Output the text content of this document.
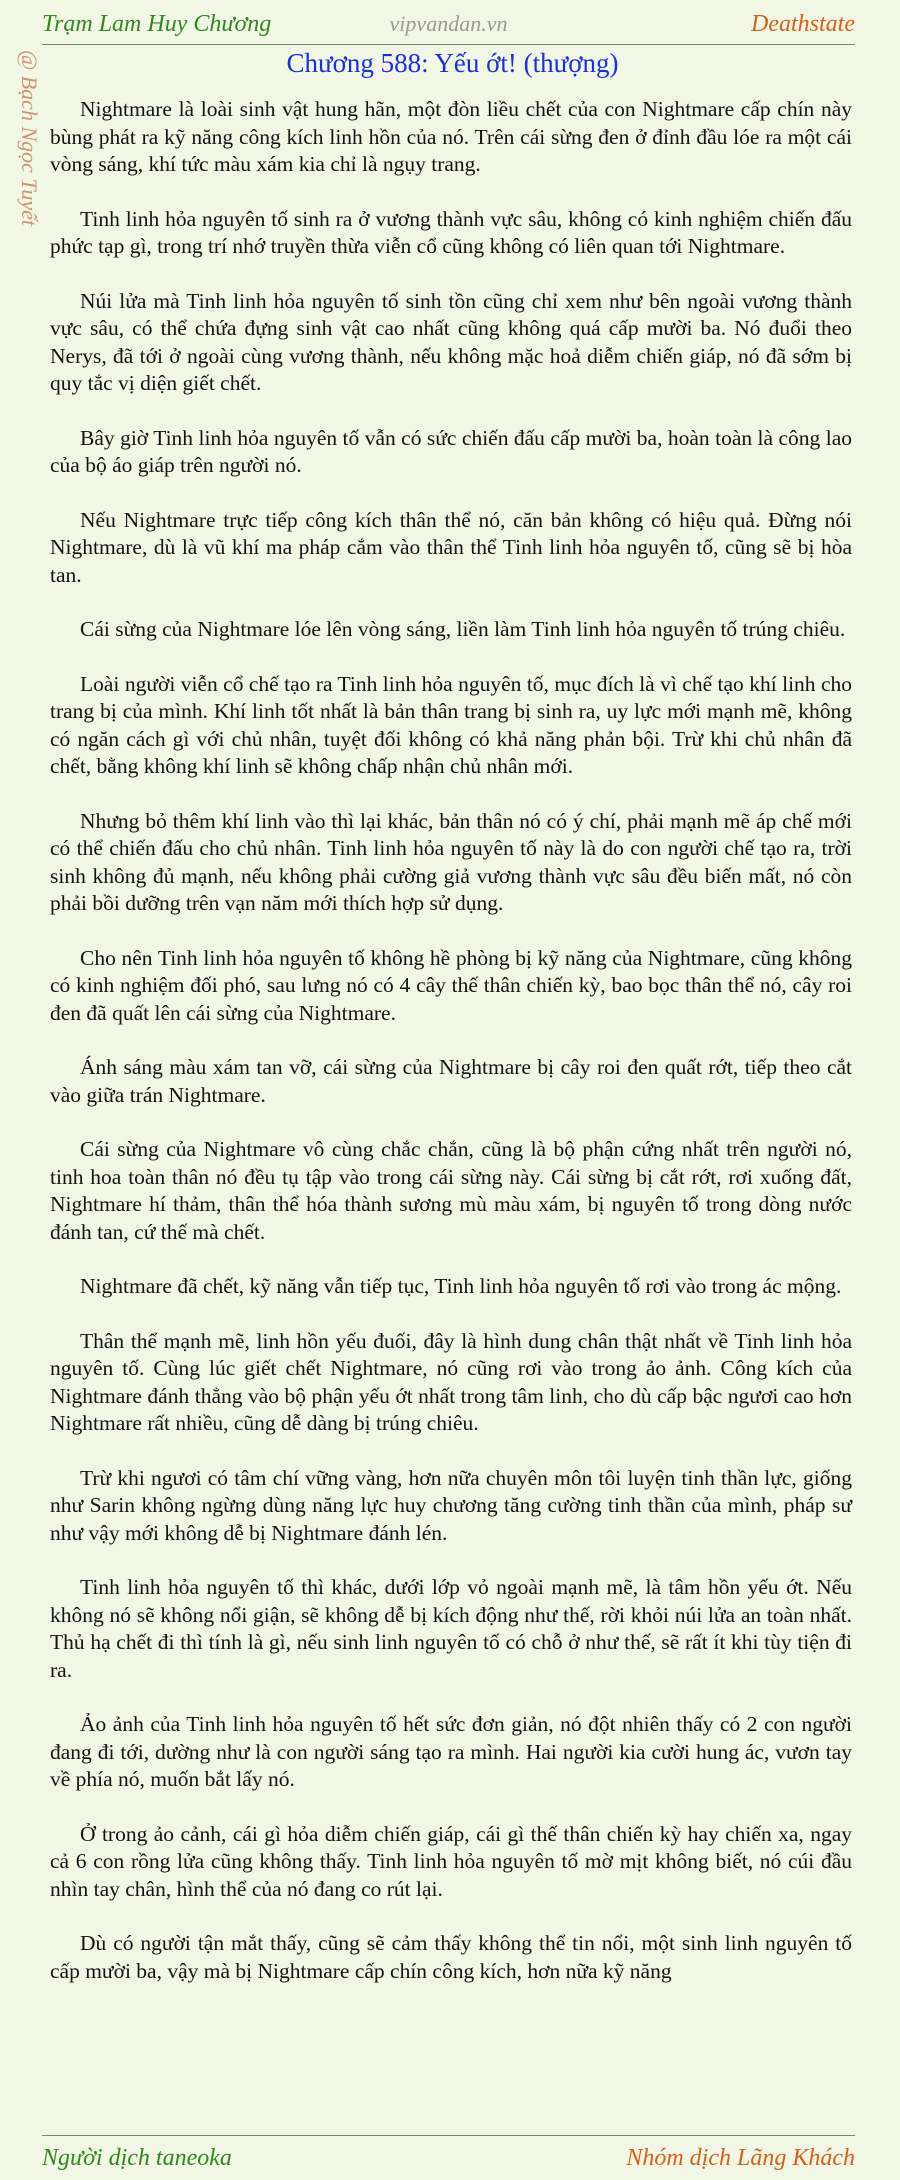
Trạm Lam Huy Chương	vipvandan.vn	Deathstate
@ Bạch Ngọc Tuyết	Chương 588: Yếu ớt! (thượng)

Nightmare là loài sinh vật hung hãn, một đòn liều chết của con Nightmare cấp chín này bùng phát ra kỹ năng công kích linh hồn của nó. Trên cái sừng đen ở đỉnh đầu lóe ra một cái vòng sáng, khí tức màu xám kia chỉ là ngụy trang.

Tinh linh hỏa nguyên tố sinh ra ở vương thành vực sâu, không có kinh nghiệm chiến đấu phức tạp gì, trong trí nhớ truyền thừa viễn cổ cũng không có liên quan tới Nightmare.

Núi lửa mà Tinh linh hỏa nguyên tố sinh tồn cũng chỉ xem như bên ngoài vương thành vực sâu, có thể chứa đựng sinh vật cao nhất cũng không quá cấp mười ba. Nó đuổi theo Nerys, đã tới ở ngoài cùng vương thành, nếu không mặc hoả diễm chiến giáp, nó đã sớm bị quy tắc vị diện giết chết.

Bây giờ Tinh linh hỏa nguyên tố vẫn có sức chiến đấu cấp mười ba, hoàn toàn là công lao của bộ áo giáp trên người nó.

Nếu Nightmare trực tiếp công kích thân thể nó, căn bản không có hiệu quả. Đừng nói Nightmare, dù là vũ khí ma pháp cắm vào thân thể Tinh linh hỏa nguyên tố, cũng sẽ bị hòa tan.

Cái sừng của Nightmare lóe lên vòng sáng, liền làm Tinh linh hỏa nguyên tố trúng chiêu.

Loài người viễn cổ chế tạo ra Tinh linh hỏa nguyên tố, mục đích là vì chế tạo khí linh cho trang bị của mình. Khí linh tốt nhất là bản thân trang bị sinh ra, uy lực mới mạnh mẽ, không có ngăn cách gì với chủ nhân, tuyệt đối không có khả năng phản bội. Trừ khi chủ nhân đã chết, bằng không khí linh sẽ không chấp nhận chủ nhân mới.

Nhưng bỏ thêm khí linh vào thì lại khác, bản thân nó có ý chí, phải mạnh mẽ áp chế mới có thể chiến đấu cho chủ nhân. Tinh linh hỏa nguyên tố này là do con người chế tạo ra, trời sinh không đủ mạnh, nếu không phải cường giả vương thành vực sâu đều biến mất, nó còn phải bồi dưỡng trên vạn năm mới thích hợp sử dụng.

Cho nên Tinh linh hỏa nguyên tố không hề phòng bị kỹ năng của Nightmare, cũng không có kinh nghiệm đối phó, sau lưng nó có 4 cây thế thân chiến kỳ, bao bọc thân thể nó, cây roi đen đã quất lên cái sừng của Nightmare.

Ánh sáng màu xám tan vỡ, cái sừng của Nightmare bị cây roi đen quất rớt, tiếp theo cắt vào giữa trán Nightmare.

Cái sừng của Nightmare vô cùng chắc chắn, cũng là bộ phận cứng nhất trên người nó, tinh hoa toàn thân nó đều tụ tập vào trong cái sừng này. Cái sừng bị cắt rớt, rơi xuống đất, Nightmare hí thảm, thân thể hóa thành sương mù màu xám, bị nguyên tố trong dòng nước đánh tan, cứ thế mà chết.

Nightmare đã chết, kỹ năng vẫn tiếp tục, Tinh linh hỏa nguyên tố rơi vào trong ác mộng.

Thân thể mạnh mẽ, linh hồn yếu đuối, đây là hình dung chân thật nhất về Tinh linh hỏa nguyên tố. Cùng lúc giết chết Nightmare, nó cũng rơi vào trong ảo ảnh. Công kích của Nightmare đánh thẳng vào bộ phận yếu ớt nhất trong tâm linh, cho dù cấp bậc ngươi cao hơn Nightmare rất nhiều, cũng dễ dàng bị trúng chiêu.

Trừ khi ngươi có tâm chí vững vàng, hơn nữa chuyên môn tôi luyện tinh thần lực, giống như Sarin không ngừng dùng năng lực huy chương tăng cường tinh thần của mình, pháp sư như vậy mới không dễ bị Nightmare đánh lén.

Tinh linh hỏa nguyên tố thì khác, dưới lớp vỏ ngoài mạnh mẽ, là tâm hồn yếu ớt. Nếu không nó sẽ không nổi giận, sẽ không dễ bị kích động như thế, rời khỏi núi lửa an toàn nhất. Thủ hạ chết đi thì tính là gì, nếu sinh linh nguyên tố có chỗ ở như thế, sẽ rất ít khi tùy tiện đi ra.

Ảo ảnh của Tinh linh hỏa nguyên tố hết sức đơn giản, nó đột nhiên thấy có 2 con người đang đi tới, dường như là con người sáng tạo ra mình. Hai người kia cười hung ác, vươn tay về phía nó, muốn bắt lấy nó.

Ở trong ảo cảnh, cái gì hỏa diễm chiến giáp, cái gì thế thân chiến kỳ hay chiến xa, ngay cả 6 con rồng lửa cũng không thấy. Tinh linh hỏa nguyên tố mờ mịt không biết, nó cúi đầu nhìn tay chân, hình thể của nó đang co rút lại.

Dù có người tận mắt thấy, cũng sẽ cảm thấy không thể tin nổi, một sinh linh nguyên tố cấp mười ba, vậy mà bị Nightmare cấp chín công kích, hơn nữa kỹ năng

Người dịch taneoka	Nhóm dịch Lãng Khách
